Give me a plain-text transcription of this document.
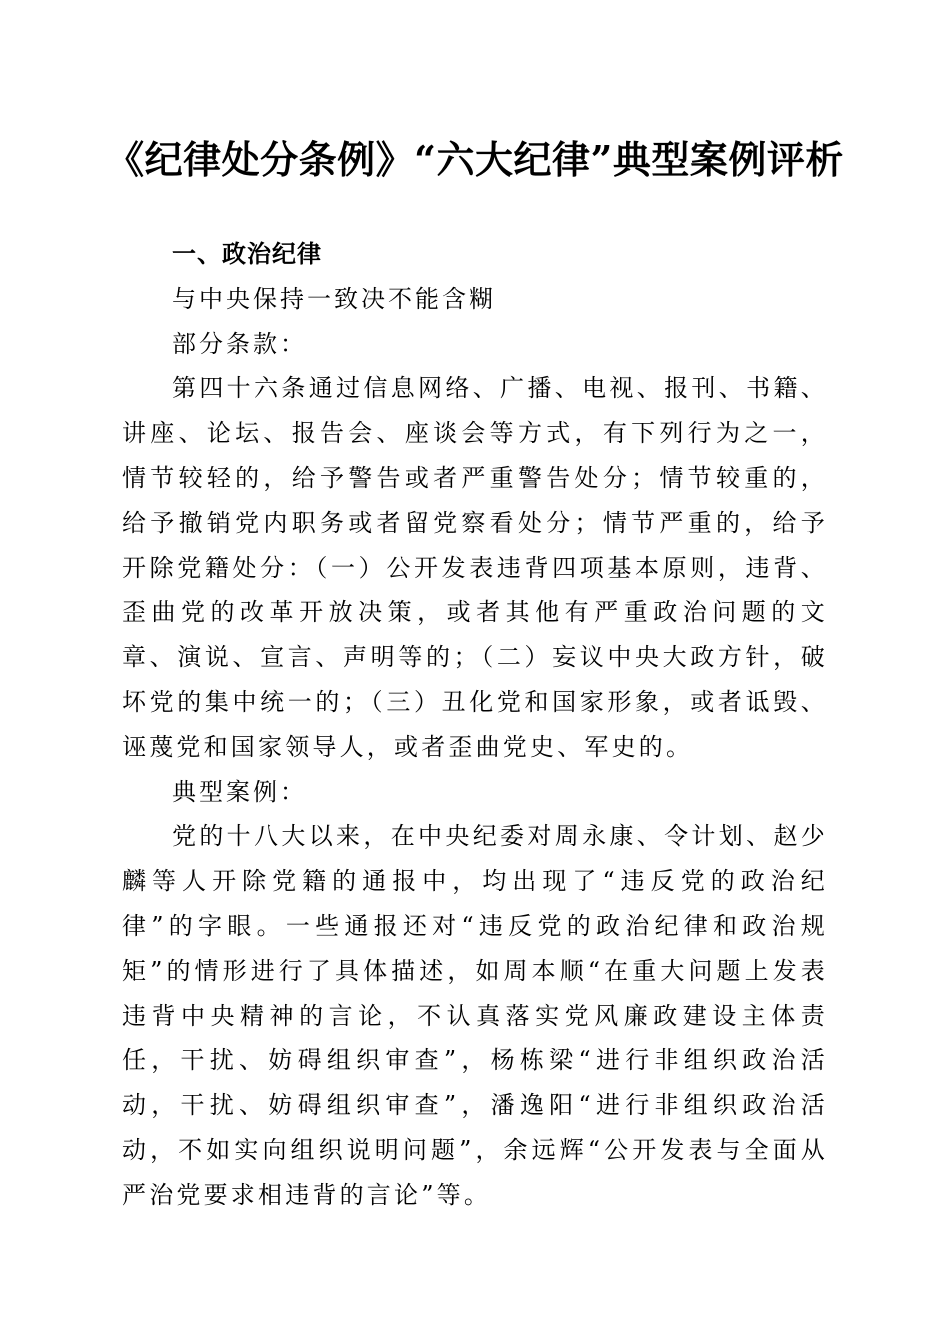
《纪律处分条例》“六大纪律”典型案例评析

一、政治纪律

与中央保持一致决不能含糊

部分条款：

第四十六条通过信息网络、广播、电视、报刊、书籍、讲座、论坛、报告会、座谈会等方式，有下列行为之一，情节较轻的，给予警告或者严重警告处分；情节较重的，给予撤销党内职务或者留党察看处分；情节严重的，给予开除党籍处分：（一）公开发表违背四项基本原则，违背、歪曲党的改革开放决策，或者其他有严重政治问题的文章、演说、宣言、声明等的；（二）妄议中央大政方针，破坏党的集中统一的；（三）丑化党和国家形象，或者诋毁、诬蔑党和国家领导人，或者歪曲党史、军史的。

典型案例：

党的十八大以来，在中央纪委对周永康、令计划、赵少麟等人开除党籍的通报中，均出现了“违反党的政治纪律”的字眼。一些通报还对“违反党的政治纪律和政治规矩”的情形进行了具体描述，如周本顺“在重大问题上发表违背中央精神的言论，不认真落实党风廉政建设主体责任，干扰、妨碍组织审查”，杨栋梁“进行非组织政治活动，干扰、妨碍组织审查”，潘逸阳“进行非组织政治活动，不如实向组织说明问题”，余远辉“公开发表与全面从严治党要求相违背的言论”等。
